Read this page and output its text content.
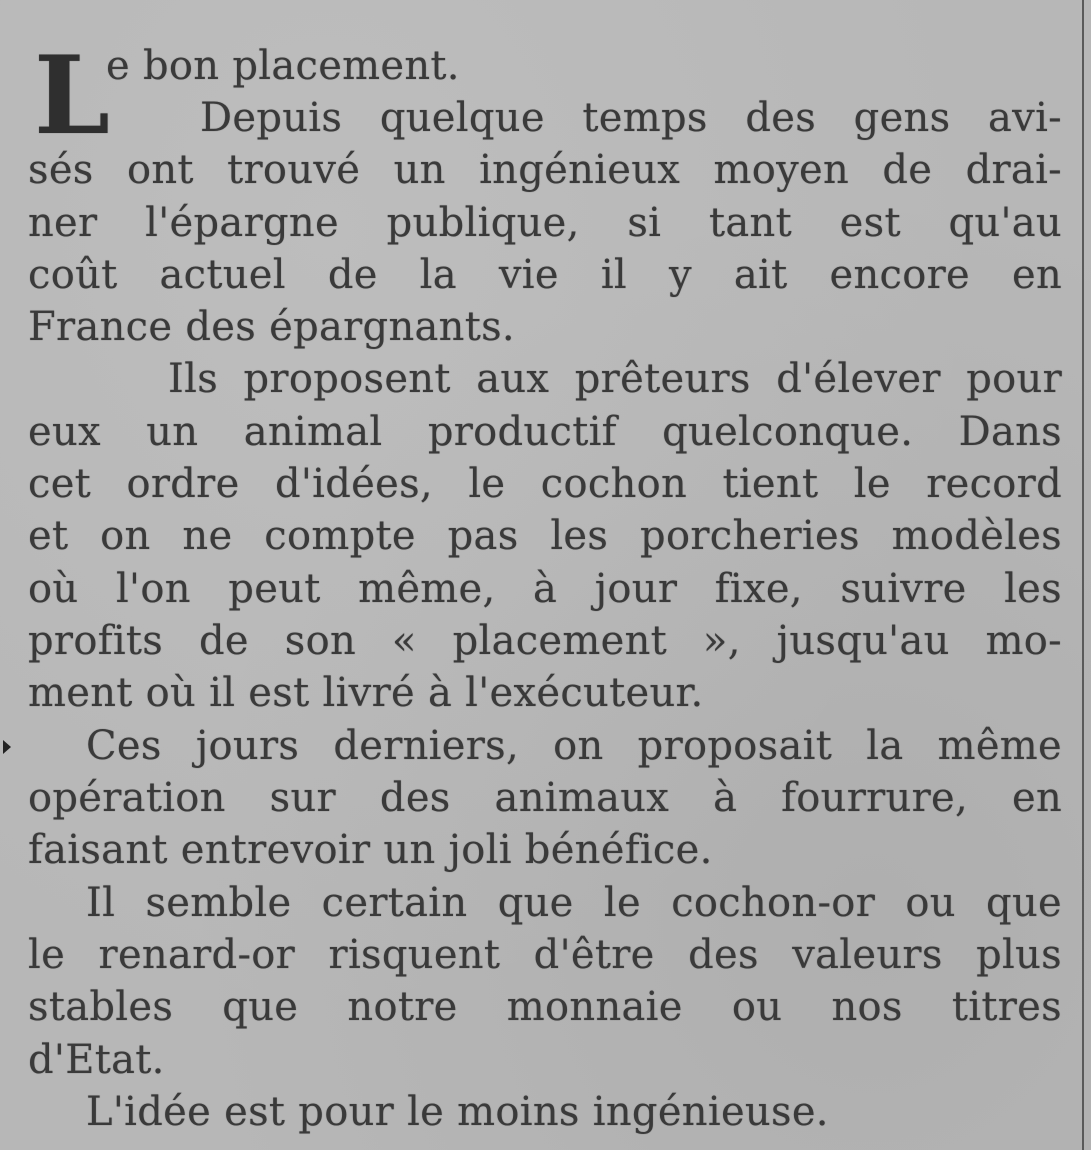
L
e bon placement.
Depuis quelque temps des gens avi-
sés ont trouvé un ingénieux moyen de drai-
ner l'épargne publique, si tant est qu'au
coût actuel de la vie il y ait encore en
France des épargnants.
Ils proposent aux prêteurs d'élever pour
eux un animal productif quelconque. Dans
cet ordre d'idées, le cochon tient le record
et on ne compte pas les porcheries modèles
où l'on peut même, à jour fixe, suivre les
profits de son « placement », jusqu'au mo-
ment où il est livré à l'exécuteur.
Ces jours derniers, on proposait la même
opération sur des animaux à fourrure, en
faisant entrevoir un joli bénéfice.
Il semble certain que le cochon-or ou que
le renard-or risquent d'être des valeurs plus
stables que notre monnaie ou nos titres
d'Etat.
L'idée est pour le moins ingénieuse.
